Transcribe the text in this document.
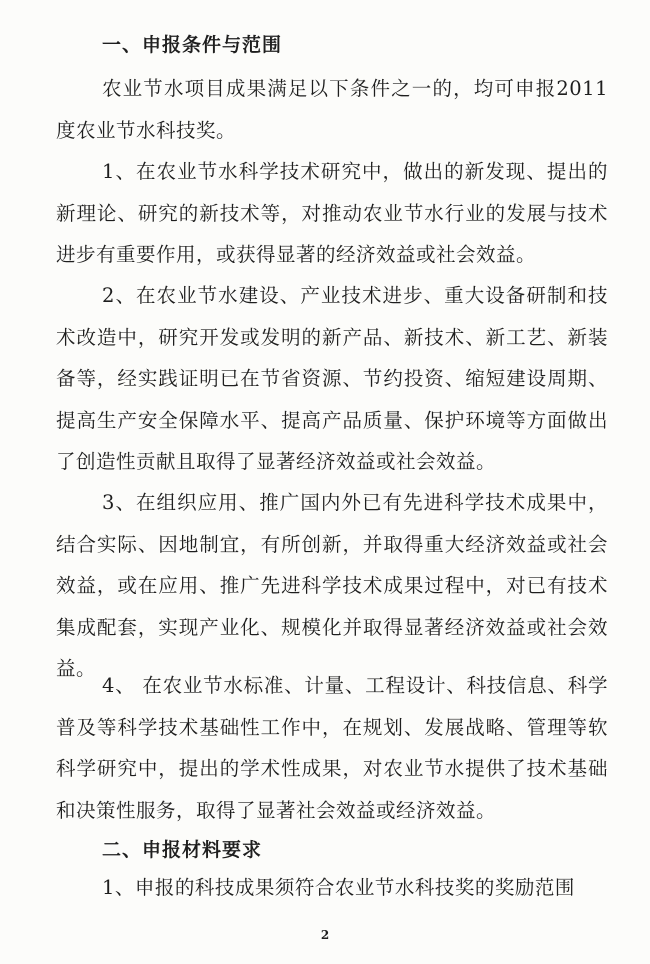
一、申报条件与范围
农业节水项目成果满足以下条件之一的，均可申报2011度农业节水科技奖。
1、在农业节水科学技术研究中，做出的新发现、提出的新理论、研究的新技术等，对推动农业节水行业的发展与技术进步有重要作用，或获得显著的经济效益或社会效益。
2、在农业节水建设、产业技术进步、重大设备研制和技术改造中，研究开发或发明的新产品、新技术、新工艺、新装备等，经实践证明已在节省资源、节约投资、缩短建设周期、提高生产安全保障水平、提高产品质量、保护环境等方面做出了创造性贡献且取得了显著经济效益或社会效益。
3、在组织应用、推广国内外已有先进科学技术成果中，结合实际、因地制宜，有所创新，并取得重大经济效益或社会效益，或在应用、推广先进科学技术成果过程中，对已有技术集成配套，实现产业化、规模化并取得显著经济效益或社会效益。
4、 在农业节水标准、计量、工程设计、科技信息、科学普及等科学技术基础性工作中，在规划、发展战略、管理等软科学研究中，提出的学术性成果，对农业节水提供了技术基础和决策性服务，取得了显著社会效益或经济效益。
二、申报材料要求
1、申报的科技成果须符合农业节水科技奖的奖励范围
2
